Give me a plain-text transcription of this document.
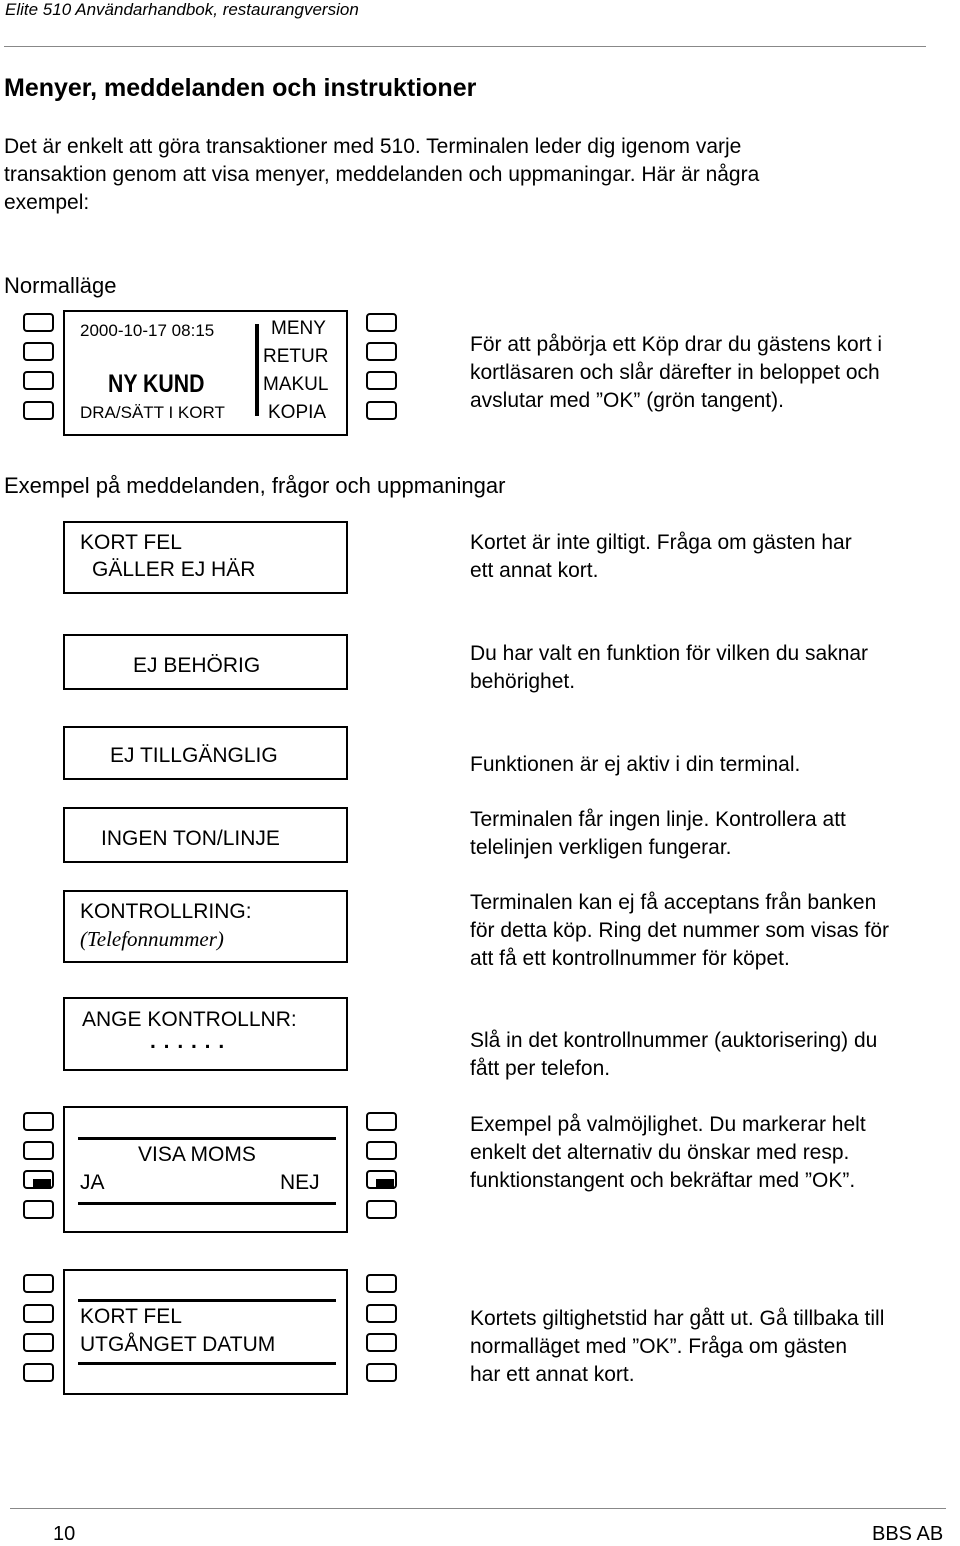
Elite 510 Användarhandbok, restaurangversion
Menyer, meddelanden och instruktioner
Det är enkelt att göra transaktioner med 510. Terminalen leder dig igenom varje
transaktion genom att visa menyer, meddelanden och uppmaningar. Här är några
exempel:
Normalläge
2000-10-17 08:15
NY KUND
DRA/SÄTT I KORT
MENY
RETUR
MAKUL
KOPIA
För att påbörja ett Köp drar du gästens kort i
kortläsaren och slår därefter in beloppet och
avslutar med ”OK” (grön tangent).
Exempel på meddelanden, frågor och uppmaningar
KORT FEL
GÄLLER EJ HÄR
Kortet är inte giltigt. Fråga om gästen har
ett annat kort.
EJ BEHÖRIG
Du har valt en funktion för vilken du saknar
behörighet.
EJ TILLGÄNGLIG	Funktionen är ej aktiv i din terminal.
INGEN TON/LINJE
Terminalen får ingen linje. Kontrollera att
telelinjen verkligen fungerar.
KONTROLLRING:
(Telefonnummer)
Terminalen kan ej få acceptans från banken
för detta köp. Ring det nummer som visas för
att få ett kontrollnummer för köpet.
ANGE KONTROLLNR:
. . . . . .	Slå in det kontrollnummer (auktorisering) du
fått per telefon.
VISA MOMS
JA	NEJ
Exempel på valmöjlighet. Du markerar helt
enkelt det alternativ du önskar med resp.
funktionstangent och bekräftar med ”OK”.
KORT FEL
UTGÅNGET DATUM
Kortets giltighetstid har gått ut. Gå tillbaka till
normalläget med ”OK”. Fråga om gästen
har ett annat kort.
10	BBS AB
